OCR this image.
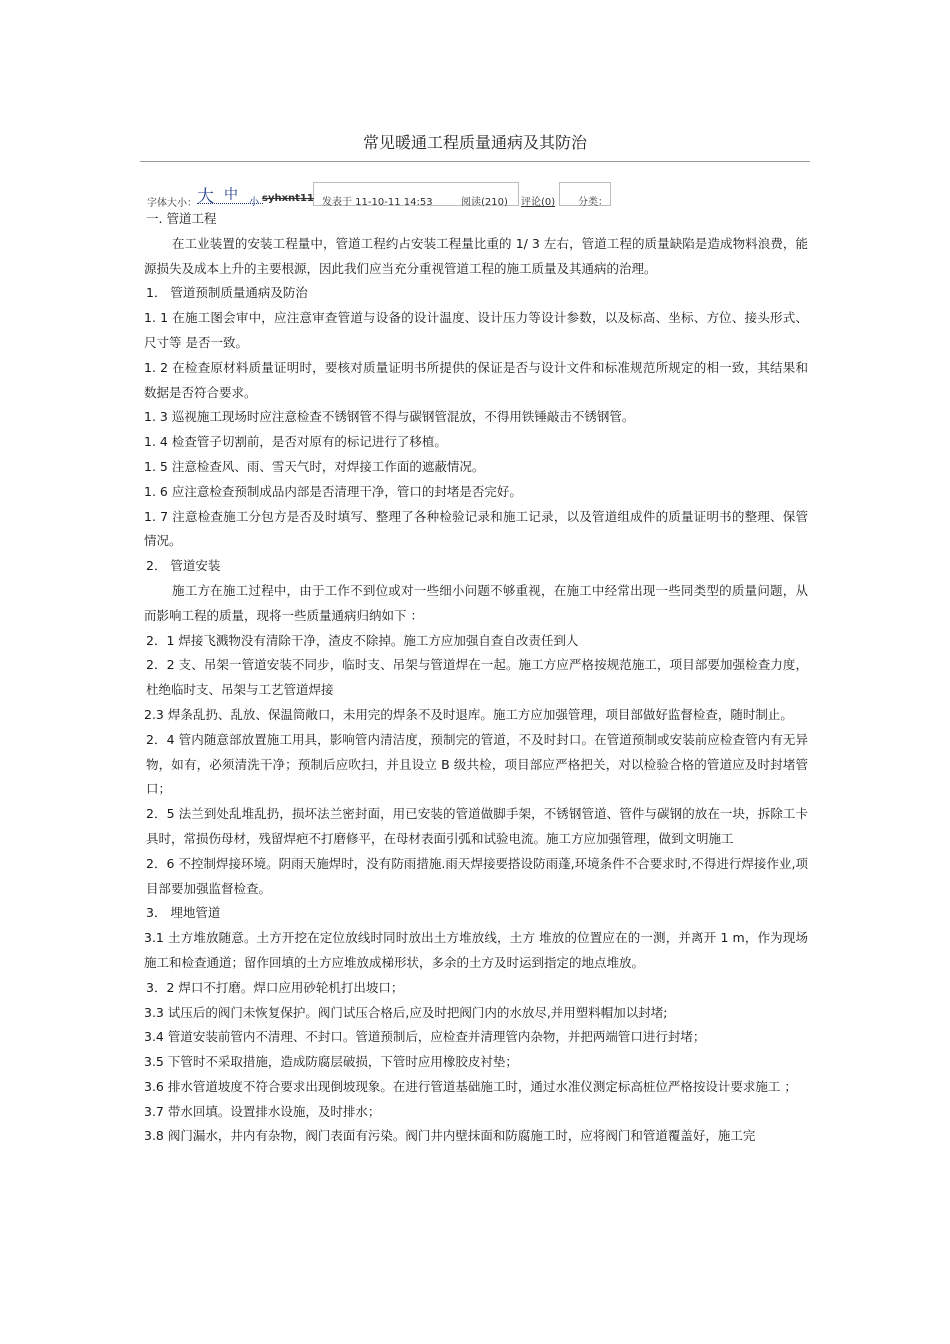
常见暖通工程质量通病及其防治
字体大小： 大 中 小 syhxnt11 发表于 11-10-11 14:53	阅读(210) 评论(0) 分类：

一. 管道工程

在工业装置的安装工程量中，管道工程约占安装工程量比重的 1/ 3 左右，管道工程的质量缺陷是造成物料浪费，能源损失及成本上升的主要根源，因此我们应当充分重视管道工程的施工质量及其通病的治理。

1． 管道预制质量通病及防治

1. 1 在施工图会审中，应注意审查管道与设备的设计温度、设计压力等设计参数，以及标高、坐标、方位、接头形式、尺寸等 是否一致。

1. 2 在检查原材料质量证明时，要核对质量证明书所提供的保证是否与设计文件和标准规范所规定的相一致，其结果和数据是否符合要求。

1. 3 巡视施工现场时应注意检查不锈钢管不得与碳钢管混放，不得用铁锤敲击不锈钢管。

1. 4 检查管子切割前，是否对原有的标记进行了移植。

1. 5 注意检查风、雨、雪天气时，对焊接工作面的遮蔽情况。

1. 6 应注意检查预制成品内部是否清理干净，管口的封堵是否完好。

1. 7 注意检查施工分包方是否及时填写、整理了各种检验记录和施工记录，以及管道组成件的质量证明书的整理、保管情况。

2． 管道安装

施工方在施工过程中，由于工作不到位或对一些细小问题不够重视，在施工中经常出现一些同类型的质量问题，从而影响工程的质量，现将一些质量通病归纳如下 ：

2．1 焊接飞溅物没有清除干净，渣皮不除掉。施工方应加强自查自改责任到人

2．2 支、吊架一管道安装不同步，临时支、吊架与管道焊在一起。施工方应严格按规范施工，项目部要加强检查力度，杜绝临时支、吊架与工艺管道焊接

2.3 焊条乱扔、乱放、保温筒敞口，未用完的焊条不及时退库。施工方应加强管理，项目部做好监督检查，随时制止。

2．4 管内随意部放置施工用具，影响管内清洁度，预制完的管道，不及时封口。在管道预制或安装前应检查管内有无异物，如有，必须清洗干净；预制后应吹扫，并且设立 B 级共检，项目部应严格把关，对以检验合格的管道应及时封堵管口；

2．5 法兰到处乱堆乱扔，损坏法兰密封面，用已安装的管道做脚手架，不锈钢管道、管件与碳钢的放在一块，拆除工卡具时，常损伤母材，残留焊疤不打磨修平，在母材表面引弧和试验电流。施工方应加强管理，做到文明施工

2．6 不控制焊接环境。阴雨天施焊时，没有防雨措施.雨天焊接要搭设防雨蓬,环境条件不合要求时,不得进行焊接作业,项目部要加强监督检查。

3． 埋地管道

3.1 土方堆放随意。土方开挖在定位放线时同时放出土方堆放线，土方 堆放的位置应在的一测，并离开 1 m，作为现场施工和检查通道；留作回填的土方应堆放成梯形状，多余的土方及时运到指定的地点堆放。

3．2 焊口不打磨。焊口应用砂轮机打出坡口；

3.3 试压后的阀门未恢复保护。阀门试压合格后,应及时把阀门内的水放尽,并用塑料帽加以封堵;

3.4 管道安装前管内不清理、不封口。管道预制后，应检查并清理管内杂物，并把两端管口进行封堵；

3.5 下管时不采取措施，造成防腐层破损，下管时应用橡胶皮衬垫；

3.6 排水管道坡度不符合要求出现倒坡现象。在进行管道基础施工时，通过水准仪测定标高桩位严格按设计要求施工 ；

3.7 带水回填。设置排水设施，及时排水；

3.8 阀门漏水，井内有杂物，阀门表面有污染。阀门井内壁抹面和防腐施工时，应将阀门和管道覆盖好，施工完
